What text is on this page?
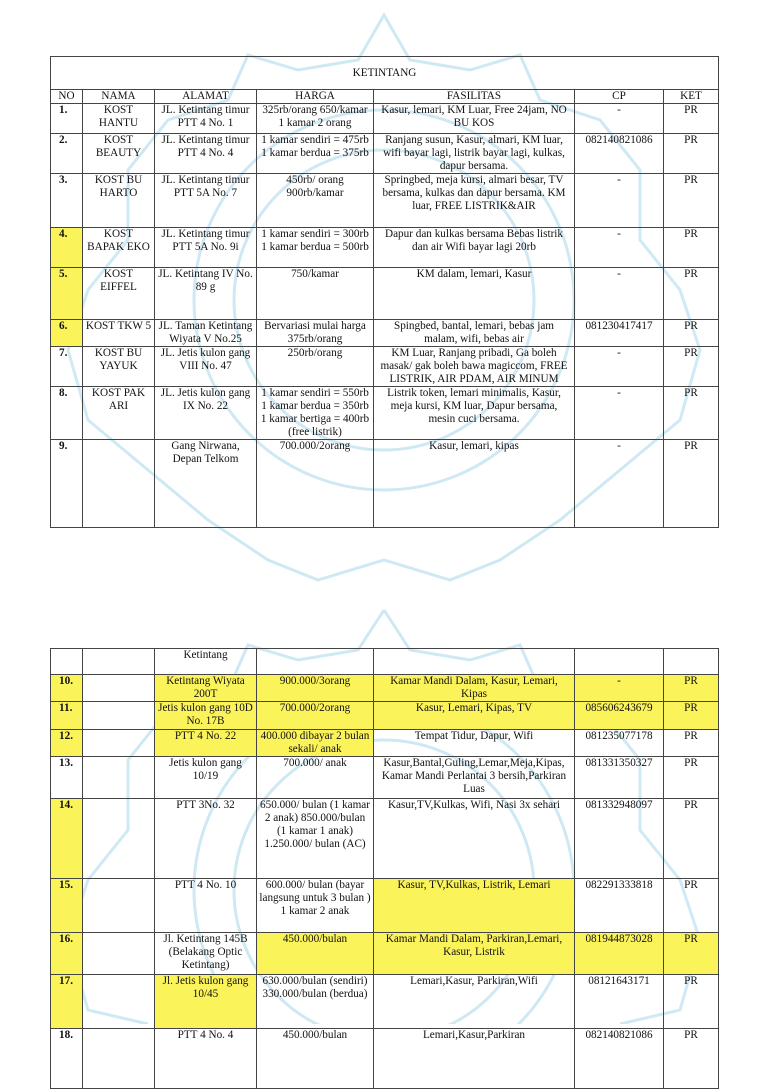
KETINTANG						
NO	NAMA	ALAMAT	HARGA	FASILITAS	CP	KET
1.	KOST HANTU	JL. Ketintang timur PTT 4 No. 1	325rb/orang 650/kamar 1 kamar 2 orang	Kasur, lemari, KM Luar, Free 24jam, NO BU KOS	-	PR
2.	KOST BEAUTY	JL. Ketintang timur PTT 4 No. 4	1 kamar sendiri = 475rb 1 kamar berdua = 375rb	Ranjang susun, Kasur, almari, KM luar, wifi bayar lagi, listrik bayar lagi, kulkas, dapur bersama.	082140821086	PR
3.	KOST BU HARTO	JL. Ketintang timur PTT 5A No. 7	450rb/ orang 900rb/kamar	Springbed, meja kursi, almari besar, TV bersama, kulkas dan dapur bersama. KM luar, FREE LISTRIK&AIR	-	PR
4.	KOST BAPAK EKO	JL. Ketintang timur PTT 5A No. 9i	1 kamar sendiri = 300rb 1 kamar berdua = 500rb	Dapur dan kulkas bersama Bebas listrik dan air Wifi bayar lagi 20rb	-	PR
5.	KOST EIFFEL	JL. Ketintang IV No. 89 g	750/kamar	KM dalam, lemari, Kasur	-	PR
6.	KOST TKW 5	JL. Taman Ketintang Wiyata V No.25	Bervariasi mulai harga 375rb/orang	Spingbed, bantal, lemari, bebas jam malam, wifi, bebas air	081230417417	PR
7.	KOST BU YAYUK	JL. Jetis kulon gang VIII No. 47	250rb/orang	KM Luar, Ranjang pribadi, Ga boleh masak/ gak boleh bawa magiccom, FREE LISTRIK, AIR PDAM, AIR MINUM	-	PR
8.	KOST PAK ARI	JL. Jetis kulon gang IX No. 22	1 kamar sendiri = 550rb 1 kamar berdua = 350rb 1 kamar bertiga = 400rb (free listrik)	Listrik token, lemari minimalis, Kasur, meja kursi, KM luar, Dapur bersama, mesin cuci bersama.	-	PR
9.		Gang Nirwana, Depan Telkom	700.000/2orang	Kasur, lemari, kipas	-	PR
		Ketintang				
10.		Ketintang Wiyata 200T	900.000/3orang	Kamar Mandi Dalam, Kasur, Lemari, Kipas	-	PR
11.		Jetis kulon gang 10D No. 17B	700.000/2orang	Kasur, Lemari, Kipas, TV	085606243679	PR
12.		PTT 4 No. 22	400.000 dibayar 2 bulan sekali/ anak	Tempat Tidur, Dapur, Wifi	081235077178	PR
13.		Jetis kulon gang 10/19	700.000/ anak	Kasur,Bantal,Guling,Lemar,Meja,Kipas, Kamar Mandi Perlantai 3 bersih,Parkiran Luas	081331350327	PR
14.		PTT 3No. 32	650.000/ bulan (1 kamar 2 anak) 850.000/bulan (1 kamar 1 anak) 1.250.000/ bulan (AC)	Kasur,TV,Kulkas, Wifi, Nasi 3x sehari	081332948097	PR
15.		PTT 4 No. 10	600.000/ bulan (bayar langsung untuk 3 bulan ) 1 kamar 2 anak	Kasur, TV,Kulkas, Listrik, Lemari	082291333818	PR
16.		Jl. Ketintang 145B (Belakang Optic Ketintang)	450.000/bulan	Kamar Mandi Dalam, Parkiran,Lemari, Kasur, Listrik	081944873028	PR
17.		Jl. Jetis kulon gang 10/45	630.000/bulan (sendiri) 330.000/bulan (berdua)	Lemari,Kasur, Parkiran,Wifi	08121643171	PR
18.		PTT 4 No. 4	450.000/bulan	Lemari,Kasur,Parkiran	082140821086	PR
